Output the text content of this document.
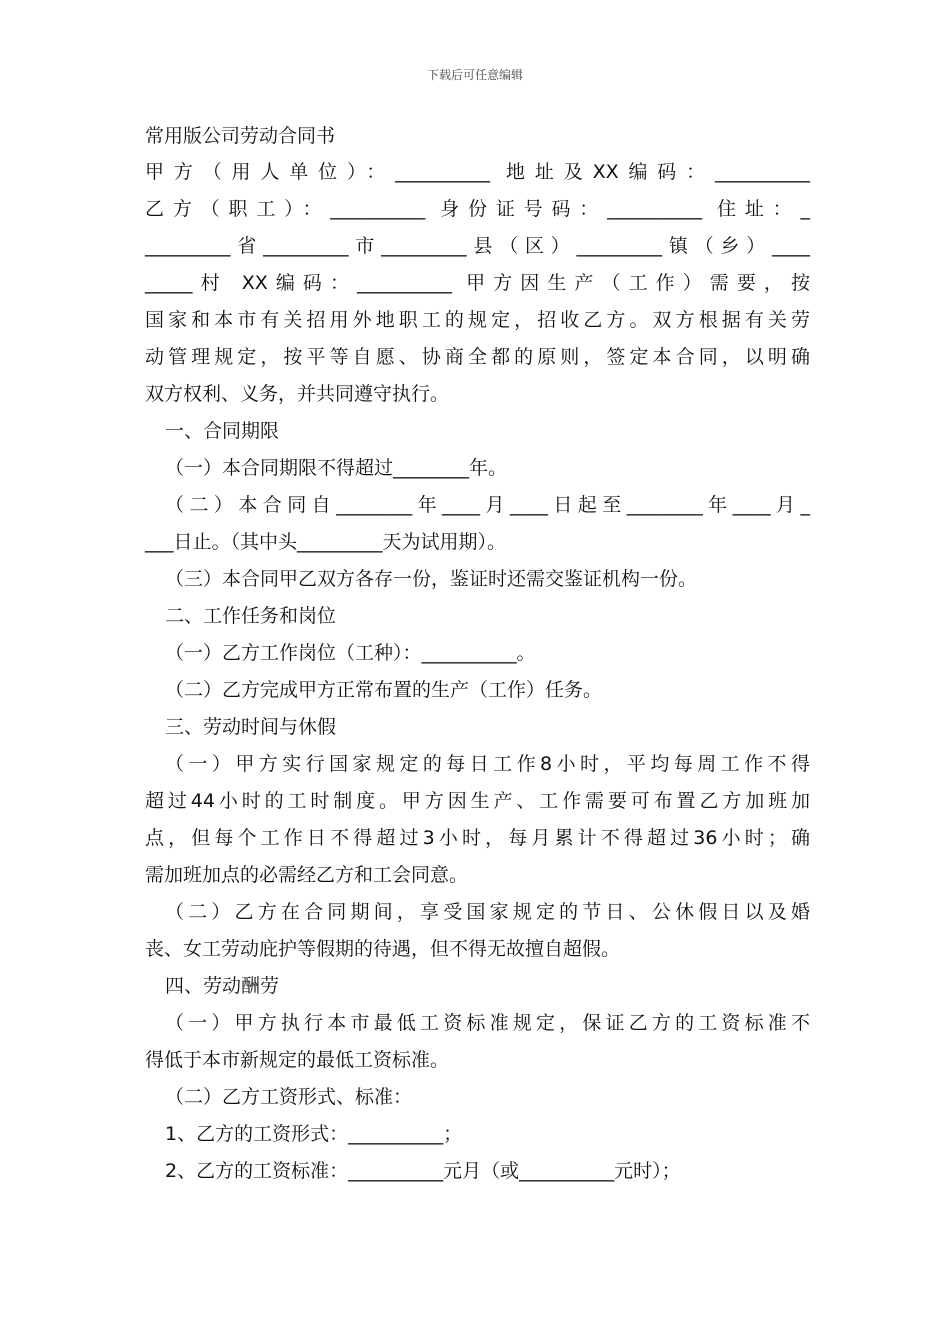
下载后可任意编辑
常用版公司劳动合同书
甲方（用人单位）：__________ 地址及XX编码：__________
乙方（职工）：__________ 身份证号码：__________ 住址：_
_________省_________市_________县（区）_________镇（乡）____
_____村 XX编码：__________ 甲方因生产（工作）需要，按
国家和本市有关招用外地职工的规定，招收乙方。双方根据有关劳
动管理规定，按平等自愿、协商全都的原则，签定本合同，以明确
双方权利、义务，并共同遵守执行。
一、合同期限
（一）本合同期限不得超过________年。
（二）本合同自________年____月____日起至________年____月_
___日止。（其中头_________天为试用期）。
（三）本合同甲乙双方各存一份，鉴证时还需交鉴证机构一份。
二、工作任务和岗位
（一）乙方工作岗位（工种）：__________。
（二）乙方完成甲方正常布置的生产（工作）任务。
三、劳动时间与休假
（一）甲方实行国家规定的每日工作8小时，平均每周工作不得
超过44小时的工时制度。甲方因生产、工作需要可布置乙方加班加
点，但每个工作日不得超过3小时，每月累计不得超过36小时；确
需加班加点的必需经乙方和工会同意。
（二）乙方在合同期间，享受国家规定的节日、公休假日以及婚
丧、女工劳动庇护等假期的待遇，但不得无故擅自超假。
四、劳动酬劳
（一）甲方执行本市最低工资标准规定，保证乙方的工资标准不
得低于本市新规定的最低工资标准。
（二）乙方工资形式、标准：
1、乙方的工资形式：__________；
2、乙方的工资标准：__________元月（或__________元时）；
